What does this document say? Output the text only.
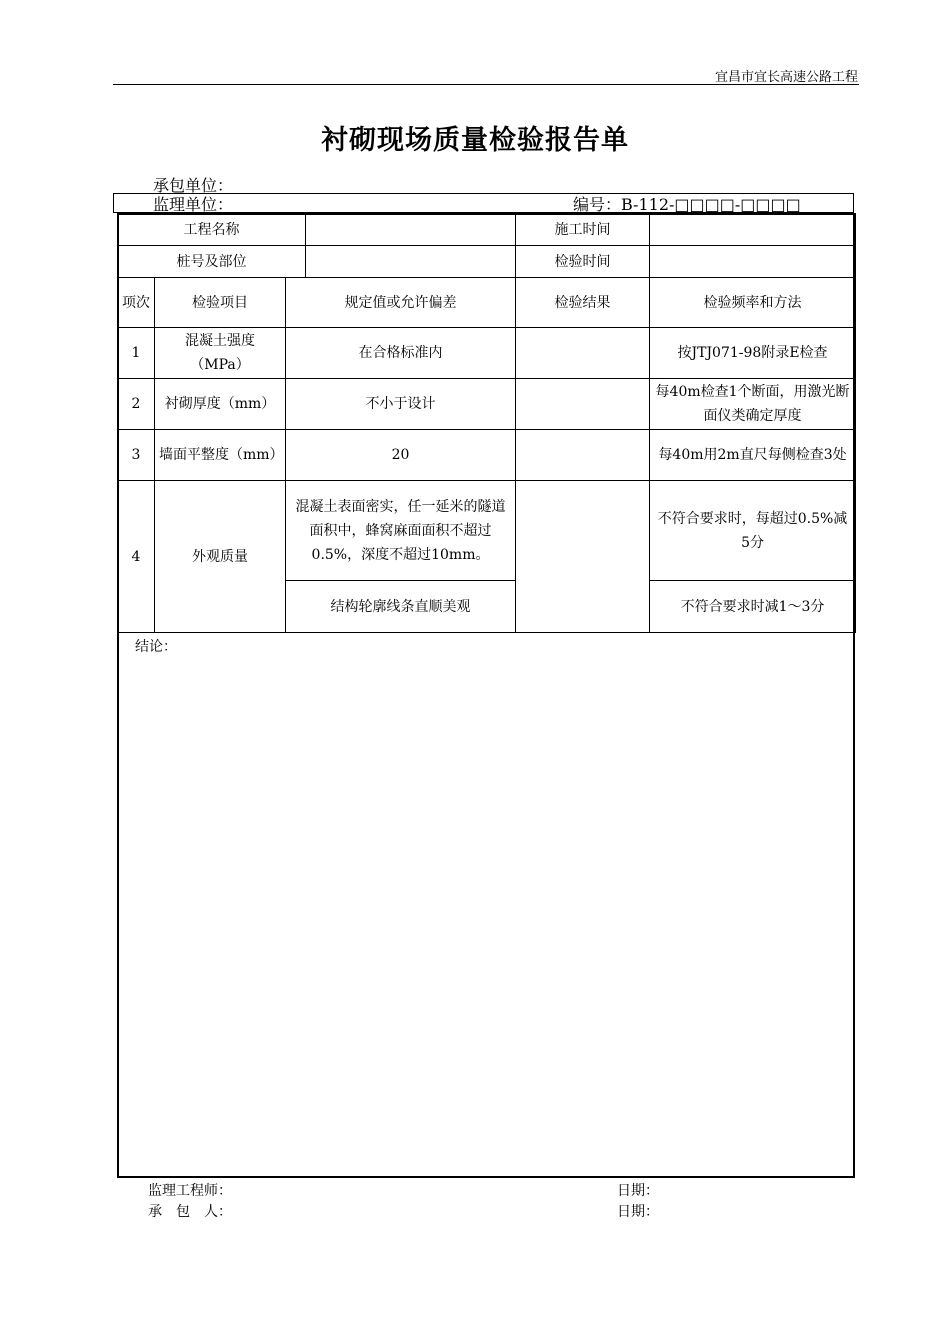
宜昌市宜长高速公路工程
衬砌现场质量检验报告单
承包单位：
监理单位：	编号：B-112-□□□□-□□□□
工程名称				施工时间	
桩号及部位				检验时间	
项次	检验项目	规定值或允许偏差		检验结果	检验频率和方法
1	混凝土强度（MPa）	在合格标准内			按JTJ071-98附录E检查
2	衬砌厚度（mm）	不小于设计			每40m检查1个断面，用激光断面仪类确定厚度
3	墙面平整度（mm）	20			每40m用2m直尺每侧检查3处
4	外观质量	混凝土表面密实，任一延米的隧道面积中，蜂窝麻面面积不超过0.5%，深度不超过10mm。			不符合要求时，每超过0.5%减5分
		结构轮廓线条直顺美观			不符合要求时减1～3分
结论：
监理工程师：
承　包　人：
日期：
日期：
